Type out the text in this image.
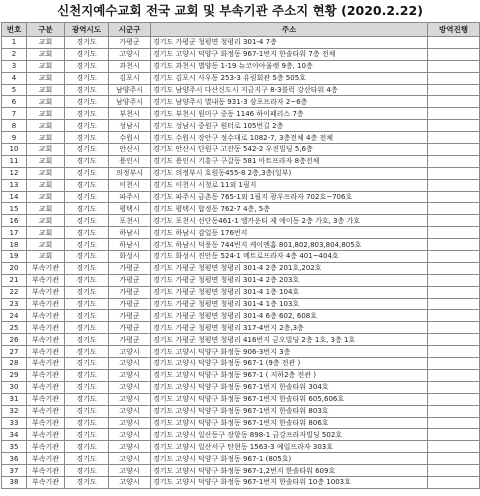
신천지예수교회 전국 교회 및 부속기관 주소지 현황 (2020.2.22)
번호	구분	광역시도	시군구	주소	방역진행
1	교회	경기도	가평군	경기도 가평군 청평면 청평리 301-4 7층	
2	교회	경기도	고양시	경기도 고양시 덕양구 화정동 967-1번지 한솔타워 7층 전체	
3	교회	경기도	과천시	경기도 과천시 별양동 1-19 뉴코아아울렛 9층, 10층	
4	교회	경기도	김포시	경기도 김포시 사우동 253-3 유림회관 5층 505호	
5	교회	경기도	남양주시	경기도 남양주시 다산신도시 지금지구 8-3블럭 강산타워 4층	
6	교회	경기도	남양주시	경기도 남양주시 별내동 931-3 삼포프라자 2~6층	
7	교회	경기도	부천시	경기도 부천시 원미구 중동 1146 하이페리스 7층	
8	교회	경기도	성남시	경기도 성남시 중원구 원터로 105번길 2층	
9	교회	경기도	수원시	경기도 수원시 장안구 정수대로 1082-7, 3층전체 4층 전체	
10	교회	경기도	안산시	경기도 안산시 단원구 고잔동 542-2 우진빌딩 5,6층	
11	교회	경기도	용인시	경기도 용인시 기흥구 구갈동 581 아트프라자 8층전체	
12	교회	경기도	의정부시	경기도 의정부시 호원동455-8 2층,3층(일부)	
13	교회	경기도	이천시	경기도 이천시 시청로 11외 1필지	
14	교회	경기도	파주시	경기도 파주시 금촌동 765-1외 1필지 광우프라자 702호~706호	
15	교회	경기도	평택시	경기도 평택시 합정동 762-7 4층, 5층	
16	교회	경기도	포천시	경기도 포천시 선단동461-1 엘카운티 제 에이동 2층 가호, 3층 가호	
17	교회	경기도	하남시	경기도 하남시 감일동 176번지	
18	교회	경기도	하남시	경기도 하남시 덕풍동 744번지 케이엔홈 801,802,803,804,805호	
19	교회	경기도	화성시	경기도 화성시 진안동 524-1 메트로프라자 4층 401~404호	
20	부속기관	경기도	가평군	경기도 가평군 청평면 청평리 301-4 2층 201호,202호	
21	부속기관	경기도	가평군	경기도 가평군 청평면 청평리 301-4 2층 203호	
22	부속기관	경기도	가평군	경기도 가평군 청평면 청평리 301-4 1층 104호	
23	부속기관	경기도	가평군	경기도 가평군 청평면 청평리 301-4 1층 103호	
24	부속기관	경기도	가평군	경기도 가평군 청평면 청평리 301-4 6층 602, 608호	
25	부속기관	경기도	가평군	경기도 가평군 청평면 청평리 317-4번지 2층,3층	
26	부속기관	경기도	가평군	경기도 가평군 청평면 청평리 416번지 금오빌딩 2층 1호, 3층 1호	
27	부속기관	경기도	고양시	경기도 고양시 덕양구 화정동 906-3번지 3층	
28	부속기관	경기도	고양시	경기도 고양시 덕양구 화정동 967-1 (9층 전관 )	
29	부속기관	경기도	고양시	경기도 고양시 덕양구 화정동 967-1 ( 지하2층 전관 )	
30	부속기관	경기도	고양시	경기도 고양시 덕양구 화정동 967-1번지 한솔타워 304호	
31	부속기관	경기도	고양시	경기도 고양시 덕양구 화정동 967-1번지 한솔타워 605,606호	
32	부속기관	경기도	고양시	경기도 고양시 덕양구 화정동 967-1번지 한솔타워 803호	
33	부속기관	경기도	고양시	경기도 고양시 덕양구 화정동 967-1번지 한솔타워 806호	
34	부속기관	경기도	고양시	경기도 고양시 일산동구 장항동 898-1 금강프라자빌딩 502호	
35	부속기관	경기도	고양시	경기도 고양시 일산서구 탄현동 1563-3 예일프라자 303호	
36	부속기관	경기도	고양시	경기도 고양시 덕양구 화정동 967-1 (805호)	
37	부속기관	경기도	고양시	경기도 고양시 덕양구 화정동 967-1,2번지 한솔타워 609호	
38	부속기관	경기도	고양시	경기도 고양시 덕양구 화정동 967-1번지 한솔타워 10층 1003호	
